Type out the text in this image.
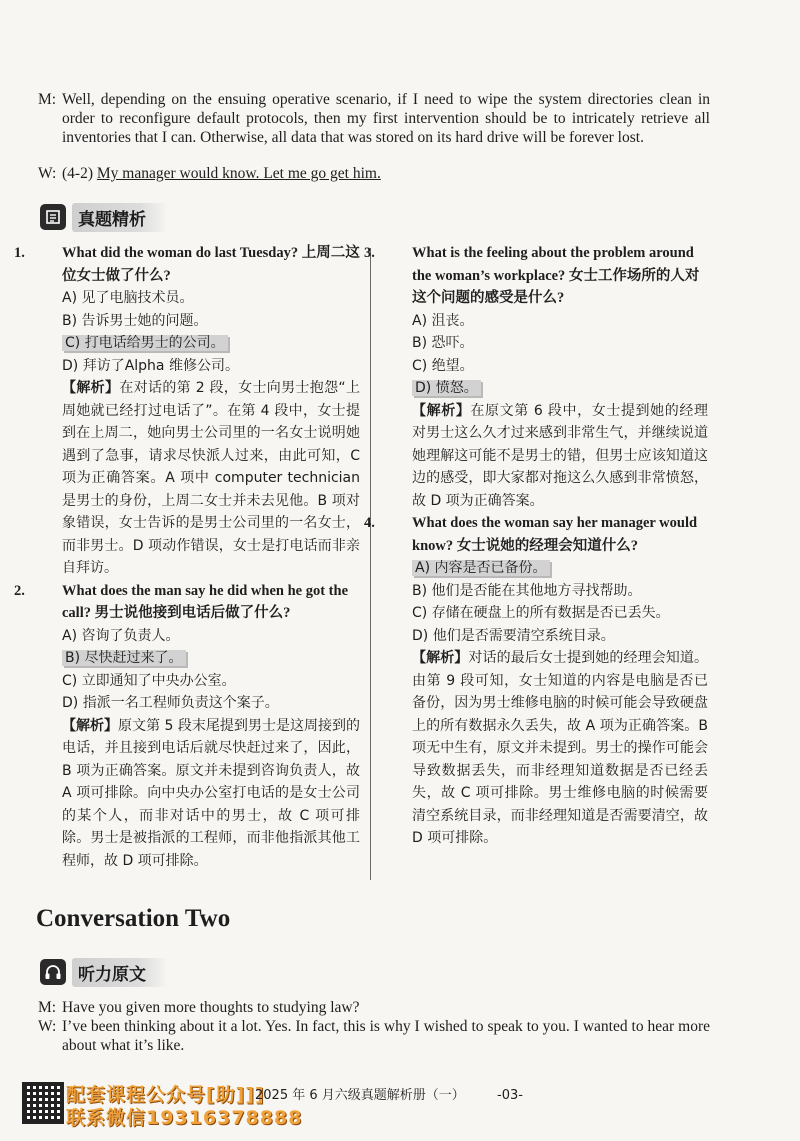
M: Well, depending on the ensuing operative scenario, if I need to wipe the system directories clean in order to reconfigure default protocols, then my first intervention should be to intricately retrieve all inventories that I can. Otherwise, all data that was stored on its hard drive will be forever lost.
W: (4-2) My manager would know. Let me go get him.
真题精析

1.	What did the woman do last Tuesday? 上周二这位女士做了什么?

A) 见了电脑技术员。

B) 告诉男士她的问题。

C) 打电话给男士的公司。

D) 拜访了Alpha 维修公司。

【解析】在对话的第 2 段，女士向男士抱怨“上周她就已经打过电话了”。在第 4 段中，女士提到在上周二，她向男士公司里的一名女士说明她遇到了急事，请求尽快派人过来，由此可知，C 项为正确答案。A 项中 computer technician 是男士的身份，上周二女士并未去见他。B 项对象错误，女士告诉的是男士公司里的一名女士，而非男士。D 项动作错误，女士是打电话而非亲自拜访。

2.	What does the man say he did when he got the call? 男士说他接到电话后做了什么?

A) 咨询了负责人。

B) 尽快赶过来了。

C) 立即通知了中央办公室。

D) 指派一名工程师负责这个案子。

【解析】原文第 5 段末尾提到男士是这周接到的电话，并且接到电话后就尽快赶过来了，因此，B 项为正确答案。原文并未提到咨询负责人，故 A 项可排除。向中央办公室打电话的是女士公司的某个人，而非对话中的男士，故 C 项可排除。男士是被指派的工程师，而非他指派其他工程师，故 D 项可排除。

3.	What is the feeling about the problem around the woman’s workplace? 女士工作场所的人对这个问题的感受是什么?

A) 沮丧。

B) 恐吓。

C) 绝望。

D) 愤怒。

【解析】在原文第 6 段中，女士提到她的经理对男士这么久才过来感到非常生气，并继续说道她理解这可能不是男士的错，但男士应该知道这边的感受，即大家都对拖这么久感到非常愤怒，故 D 项为正确答案。

4.	What does the woman say her manager would know? 女士说她的经理会知道什么?

A) 内容是否已备份。

B) 他们是否能在其他地方寻找帮助。

C) 存储在硬盘上的所有数据是否已丢失。

D) 他们是否需要清空系统目录。

【解析】对话的最后女士提到她的经理会知道。由第 9 段可知，女士知道的内容是电脑是否已备份，因为男士维修电脑的时候可能会导致硬盘上的所有数据永久丢失，故 A 项为正确答案。B 项无中生有，原文并未提到。男士的操作可能会导致数据丢失，而非经理知道数据是否已经丢失，故 C 项可排除。男士维修电脑的时候需要清空系统目录，而非经理知道是否需要清空，故 D 项可排除。

Conversation Two
听力原文
M: Have you given more thoughts to studying law?
W: I’ve been thinking about it a lot. Yes. In fact, this is why I wished to speak to you. I wanted to hear more about what it’s like.
配套课程公众号[助]]]
联系微信19316378888
2025 年 6 月六级真题解析册（一） -03-
